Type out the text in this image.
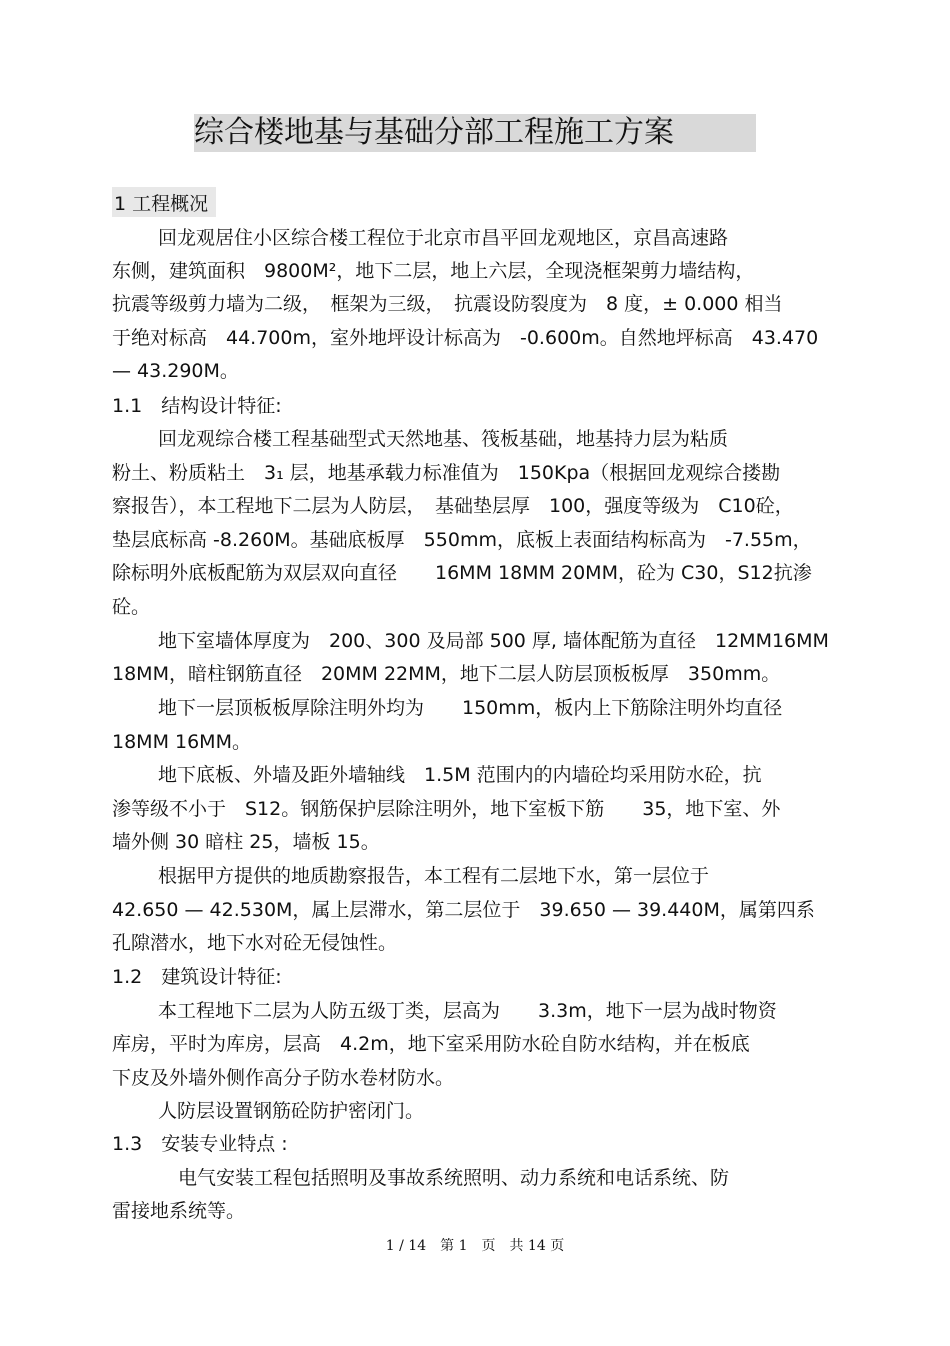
综合楼地基与基础分部工程施工方案
1 工程概况
回龙观居住小区综合楼工程位于北京市昌平回龙观地区，京昌高速路
东侧，建筑面积　9800M²，地下二层，地上六层，全现浇框架剪力墙结构，
抗震等级剪力墙为二级，　框架为三级，　抗震设防裂度为　8 度，± 0.000 相当
于绝对标高　44.700m，室外地坪设计标高为　-0.600m。自然地坪标高　43.470
— 43.290M。
1.1　结构设计特征:
回龙观综合楼工程基础型式天然地基、筏板基础，地基持力层为粘质
粉土、粉质粘土　3₁ 层，地基承载力标准值为　150Kpa（根据回龙观综合搂勘
察报告），本工程地下二层为人防层，　基础垫层厚　100，强度等级为　C10砼，
垫层底标高 -8.260M。基础底板厚　550mm，底板上表面结构标高为　-7.55m，
除标明外底板配筋为双层双向直径　　16MM 18MM 20MM，砼为 C30，S12抗渗
砼。
地下室墙体厚度为　200、300 及局部 500 厚, 墙体配筋为直径　12MM16MM
18MM，暗柱钢筋直径　20MM 22MM，地下二层人防层顶板板厚　350mm。
地下一层顶板板厚除注明外均为　　150mm，板内上下筋除注明外均直径
18MM 16MM。
地下底板、外墙及距外墙轴线　1.5M 范围内的内墙砼均采用防水砼，抗
渗等级不小于　S12。钢筋保护层除注明外，地下室板下筋　　35，地下室、外
墙外侧 30 暗柱 25，墙板 15。
根据甲方提供的地质勘察报告，本工程有二层地下水，第一层位于
42.650 — 42.530M，属上层滞水，第二层位于　39.650 — 39.440M，属第四系
孔隙潜水，地下水对砼无侵蚀性。
1.2　建筑设计特征:
本工程地下二层为人防五级丁类，层高为　　3.3m，地下一层为战时物资
库房，平时为库房，层高　4.2m，地下室采用防水砼自防水结构，并在板底
下皮及外墙外侧作高分子防水卷材防水。
人防层设置钢筋砼防护密闭门。
1.3　安装专业特点 :
电气安装工程包括照明及事故系统照明、动力系统和电话系统、防
雷接地系统等。
1 / 14　第 1　页　共 14 页
